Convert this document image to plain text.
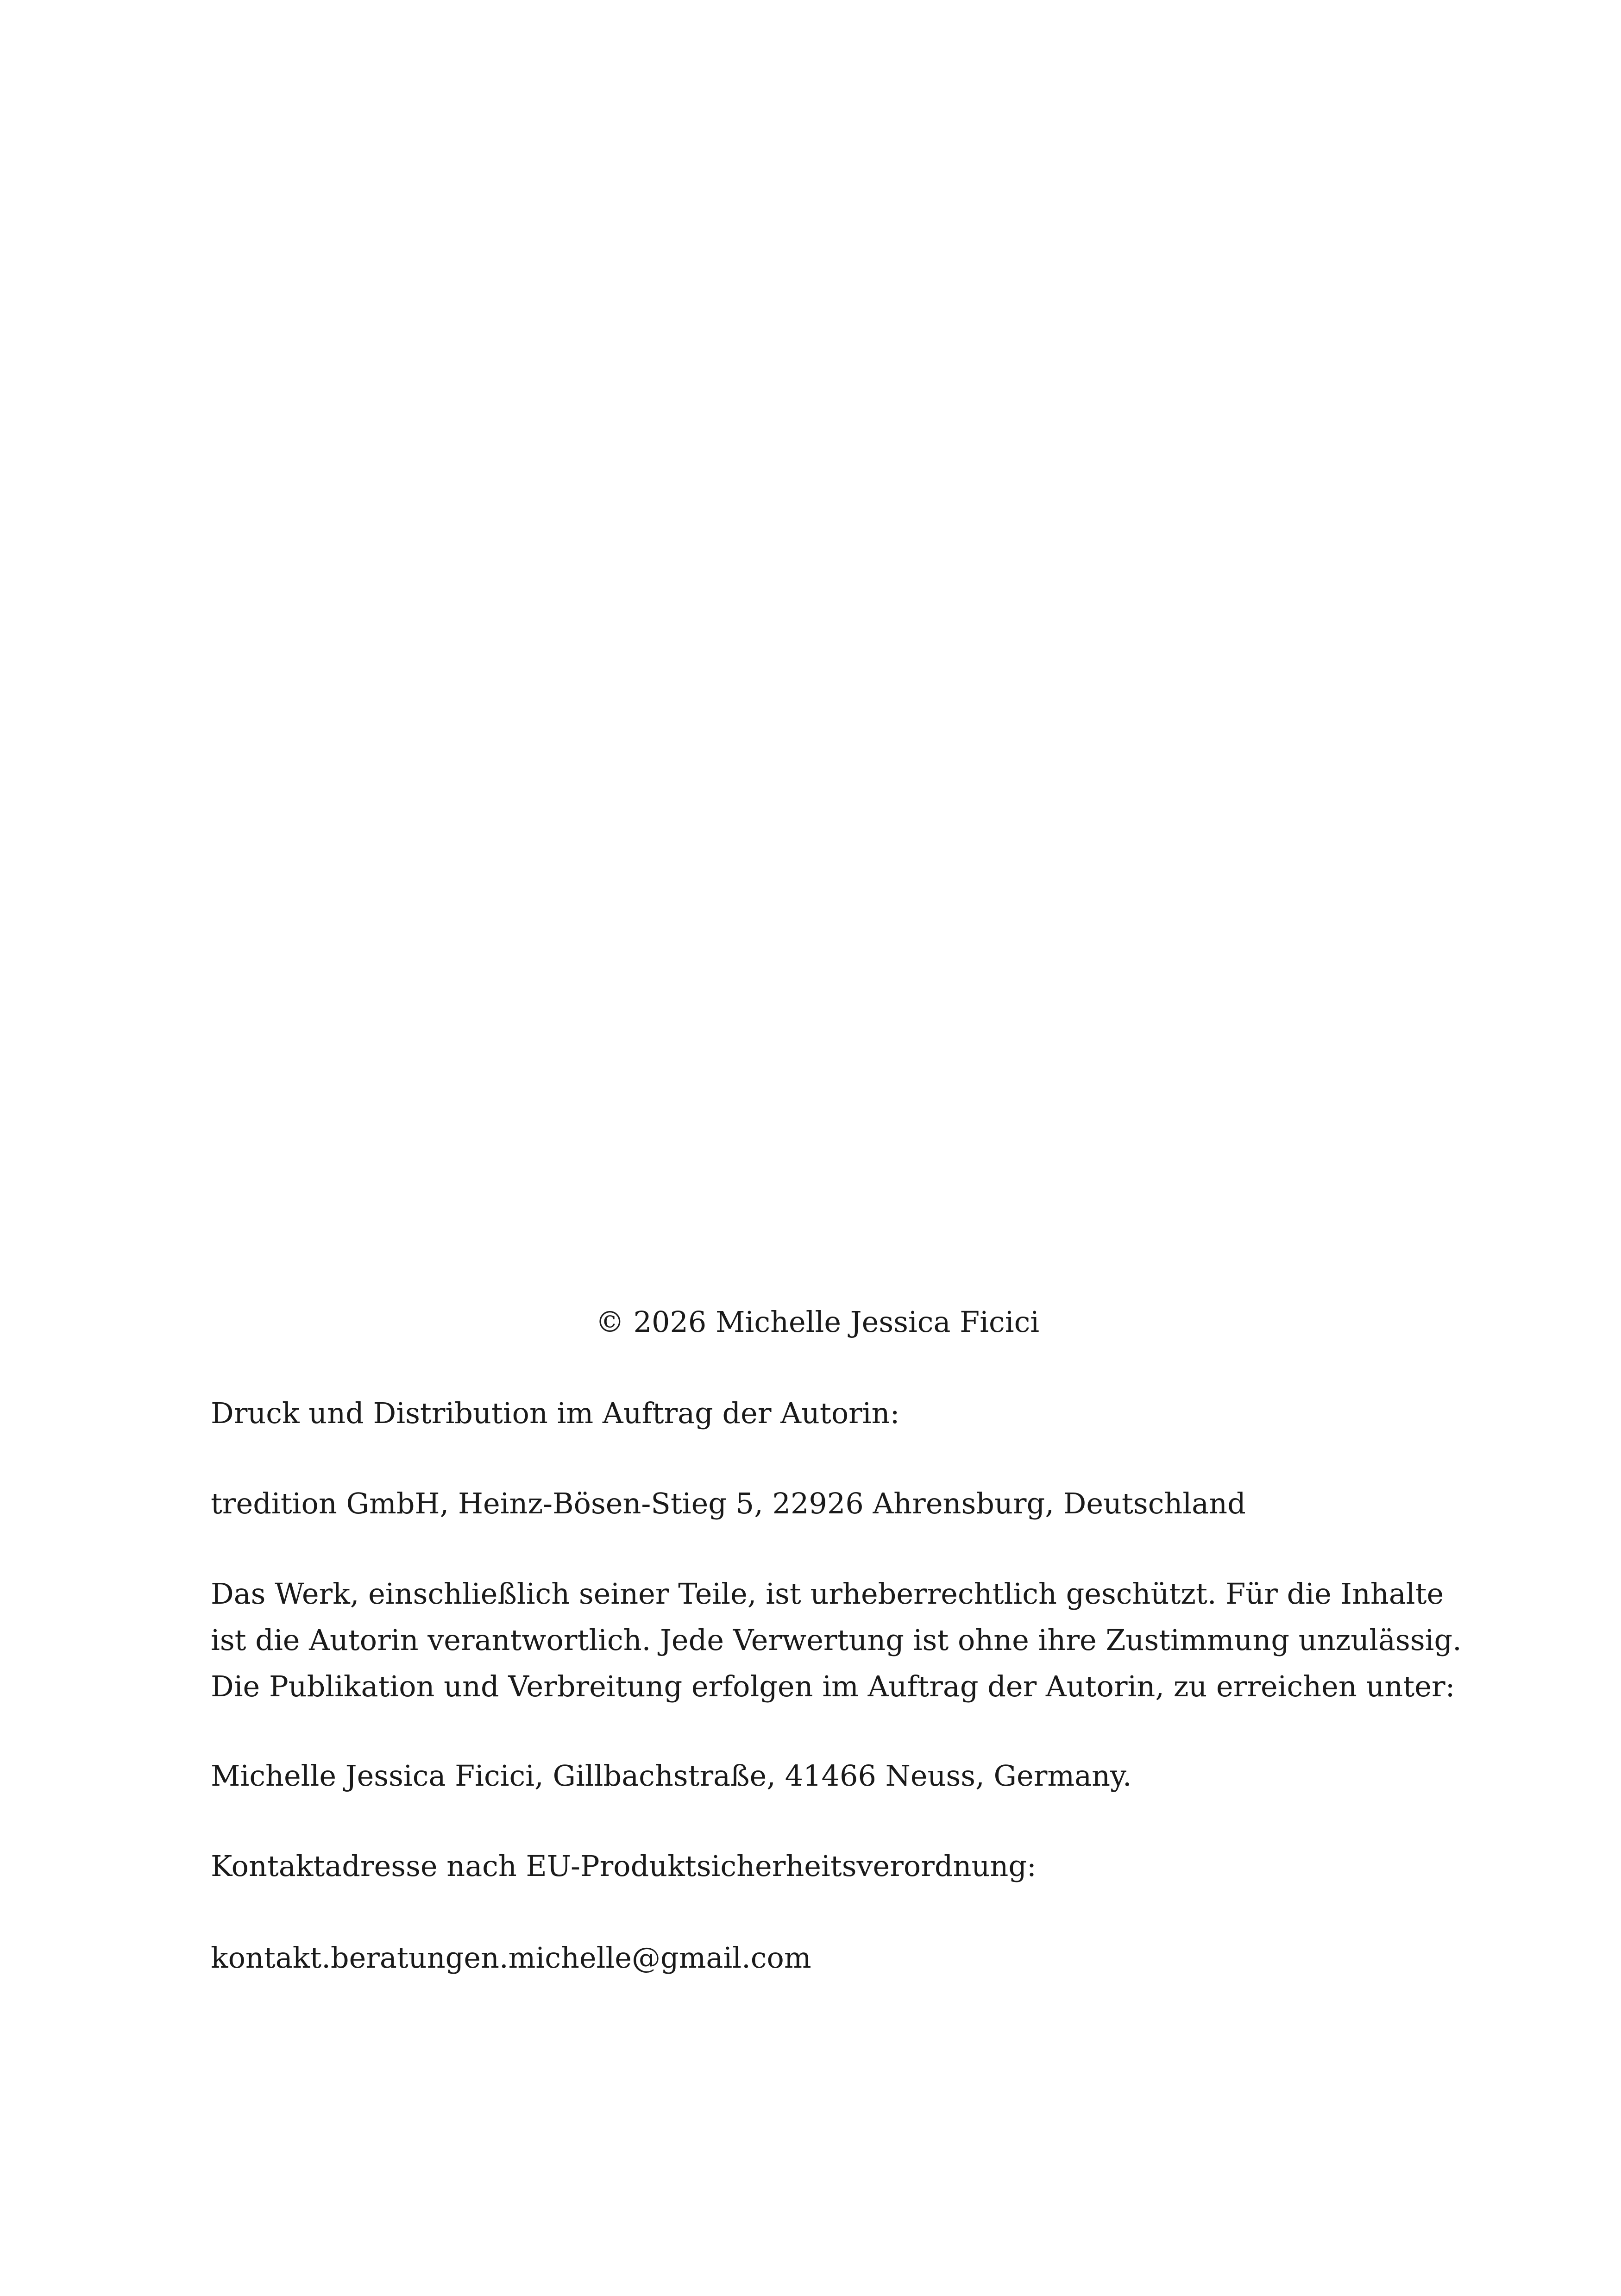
© 2026 Michelle Jessica Ficici
Druck und Distribution im Auftrag der Autorin:
tredition GmbH, Heinz-Bösen-Stieg 5, 22926 Ahrensburg, Deutschland
Das Werk, einschließlich seiner Teile, ist urheberrechtlich geschützt. Für die Inhalte
ist die Autorin verantwortlich. Jede Verwertung ist ohne ihre Zustimmung unzulässig.
Die Publikation und Verbreitung erfolgen im Auftrag der Autorin, zu erreichen unter:
Michelle Jessica Ficici, Gillbachstraße, 41466 Neuss, Germany.
Kontaktadresse nach EU-Produktsicherheitsverordnung:
kontakt.beratungen.michelle@gmail.com
